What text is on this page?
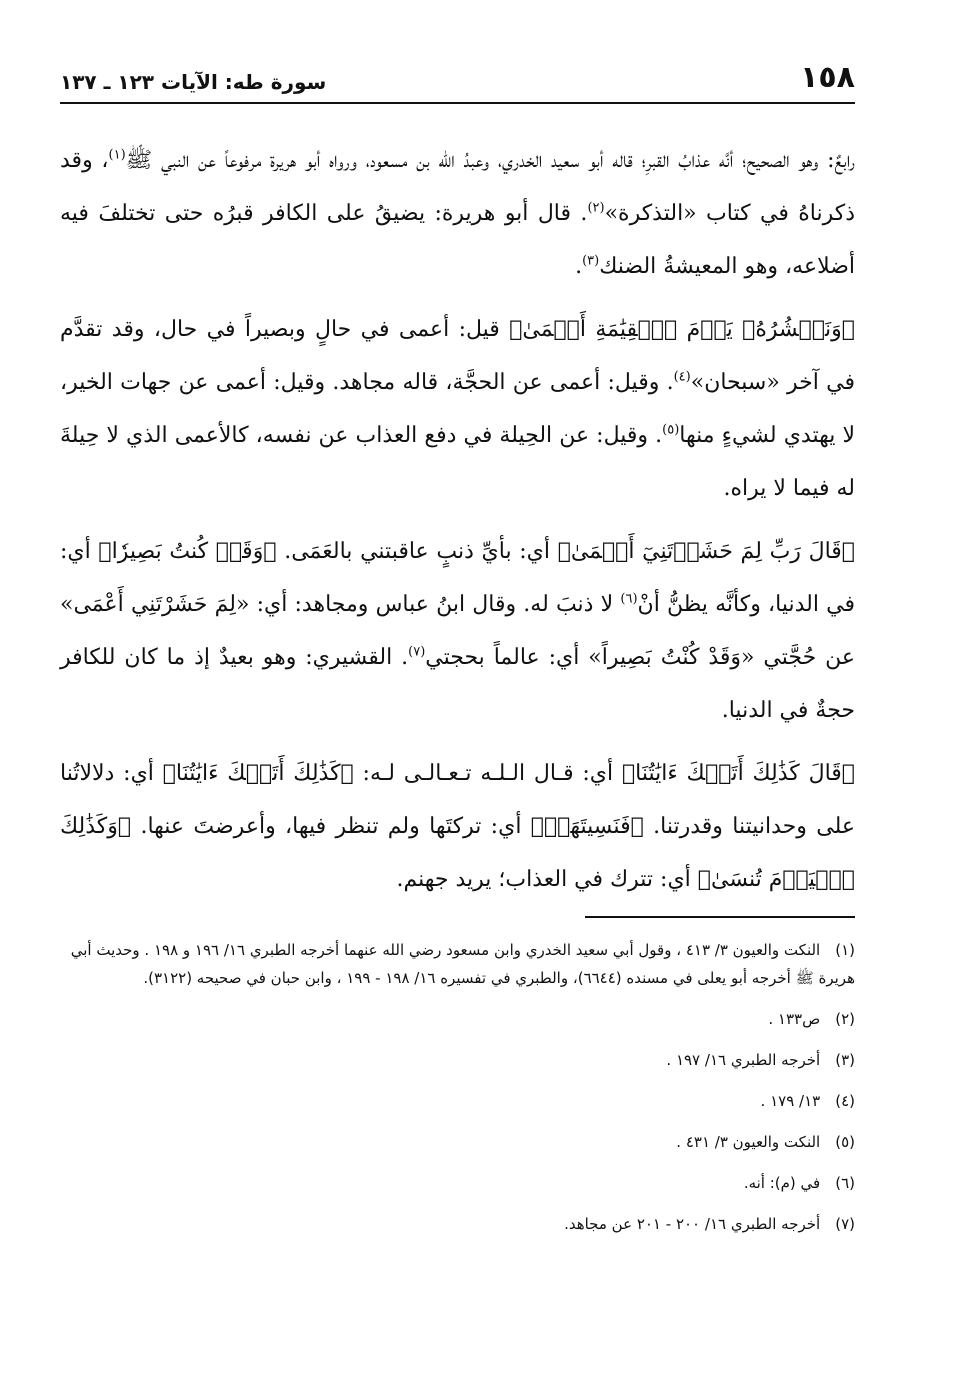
١٥٨
سورة طه: الآيات ١٢٣ ـ ١٣٧

رابعٌ: وهو الصحيح؛ أنَّه عذابُ القبرِ؛ قاله أبو سعيد الخدري، وعبدُ الله بن مسعود، ورواه أبو هريرة مرفوعاً عن النبي ﷺ$^{(١)}$، وقد ذكرناهُ في كتاب «التذكرة»$^{(٢)}$. قال أبو هريرة: يضيقُ على الكافر قبرُه حتى تختلفَ فيه أضلاعه، وهو المعيشةُ الضنك$^{(٣)}$.

﴿وَنَحۡشُرُهُۥ يَوۡمَ ٱلۡقِيَٰمَةِ أَعۡمَىٰ﴾ قيل: أعمى في حالٍ وبصيراً في حال، وقد تقدَّم في آخر «سبحان»$^{(٤)}$. وقيل: أعمى عن الحجَّة، قاله مجاهد. وقيل: أعمى عن جهات الخير، لا يهتدي لشيءٍ منها$^{(٥)}$. وقيل: عن الحِيلة في دفع العذاب عن نفسه، كالأعمى الذي لا حِيلةَ له فيما لا يراه.

﴿قَالَ رَبِّ لِمَ حَشَرۡتَنِيٓ أَعۡمَىٰ﴾ أي: بأيِّ ذنبٍ عاقبتني بالعَمَى. ﴿وَقَدۡ كُنتُ بَصِيرٗا﴾ أي: في الدنيا، وكأنَّه يظنُّ أنْ$^{(٦)}$ لا ذنبَ له. وقال ابنُ عباس ومجاهد: أي: «لِمَ حَشَرْتَنِي أَعْمَى» عن حُجَّتي «وَقَدْ كُنْتُ بَصِيراً» أي: عالماً بحجتي$^{(٧)}$. القشيري: وهو بعيدٌ إذ ما كان للكافر حجةٌ في الدنيا.

﴿قَالَ كَذَٰلِكَ أَتَتۡكَ ءَايَٰتُنَا﴾ أي: قـال الـلـه تـعـالـى لـه: ﴿كَذَٰلِكَ أَتَتۡكَ ءَايَٰتُنَا﴾ أي: دلالاتُنا على وحدانيتنا وقدرتنا. ﴿فَنَسِيتَهَاۖ﴾ أي: تركتَها ولم تنظر فيها، وأعرضتَ عنها. ﴿وَكَذَٰلِكَ ٱلۡيَوۡمَ تُنسَىٰ﴾ أي: تترك في العذاب؛ يريد جهنم.

(١) النكت والعيون ٣/ ٤١٣ ، وقول أبي سعيد الخدري وابن مسعود رضي الله عنهما أخرجه الطبري ١٦/ ١٩٦ و ١٩٨ . وحديث أبي هريرة ﷺ أخرجه أبو يعلى في مسنده (٦٦٤٤)، والطبري في تفسيره ١٦/ ١٩٨ - ١٩٩ ، وابن حبان في صحيحه (٣١٢٢).
(٢) ص١٣٣ .
(٣) أخرجه الطبري ١٦/ ١٩٧ .
(٤) ١٣/ ١٧٩ .
(٥) النكت والعيون ٣/ ٤٣١ .
(٦) في (م): أنه.
(٧) أخرجه الطبري ١٦/ ٢٠٠ - ٢٠١ عن مجاهد.
